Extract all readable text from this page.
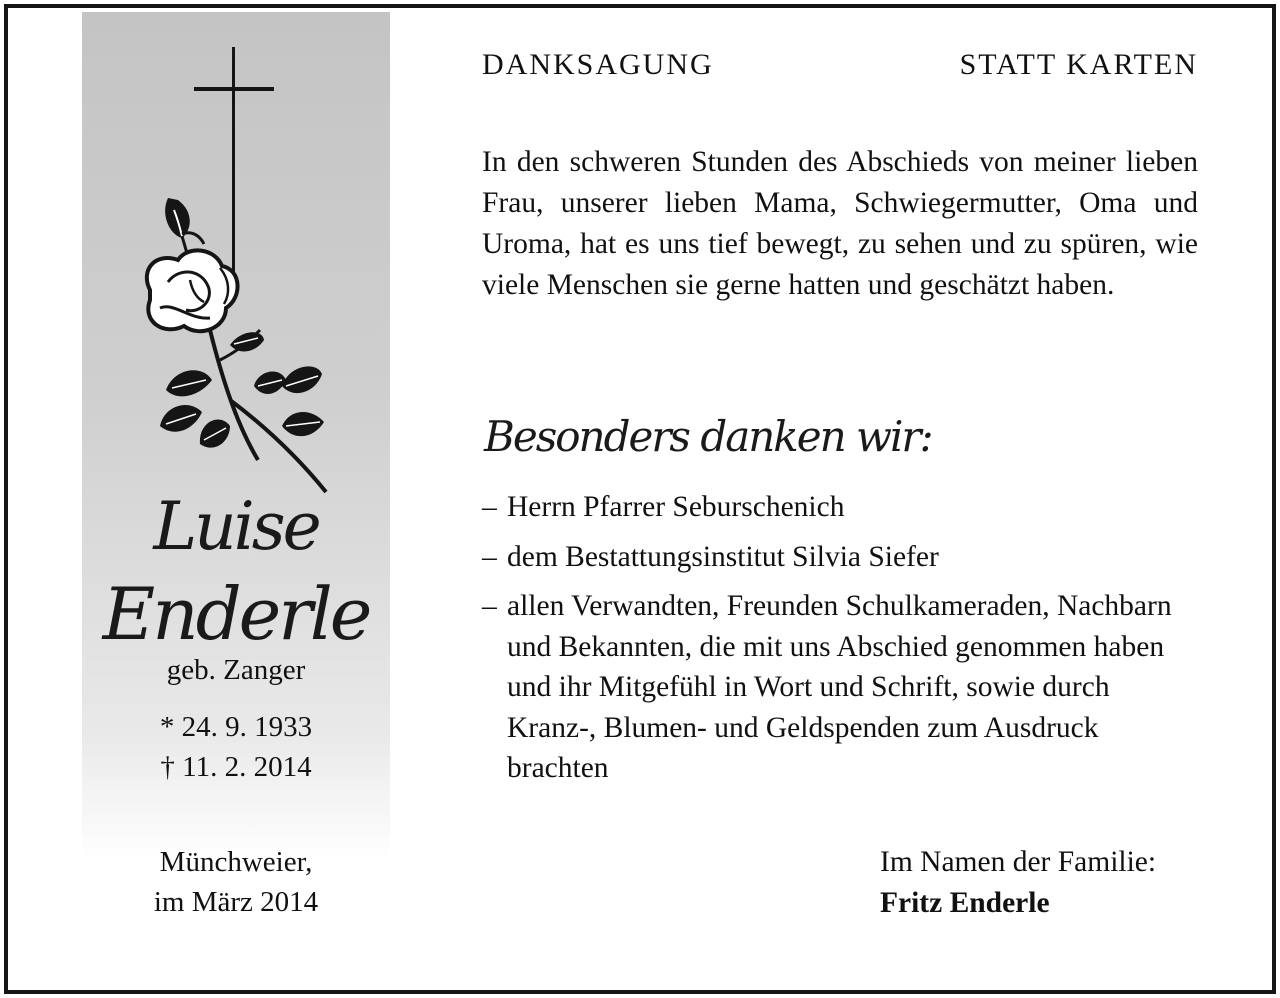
Luise
Enderle
geb. Zanger
* 24. 9. 1933
† 11. 2. 2014
Münchweier,
im März 2014
DANKSAGUNG	STATT KARTEN
In den schweren Stunden des Abschieds von meiner lieben Frau, unserer lieben Mama, Schwiegermutter, Oma und Uroma, hat es uns tief bewegt, zu sehen und zu spüren, wie viele Menschen sie gerne hatten und geschätzt haben.
Besonders danken wir:
– Herrn Pfarrer Seburschenich
– dem Bestattungsinstitut Silvia Siefer
– allen Verwandten, Freunden Schulkameraden, Nachbarn und Bekannten, die mit uns Abschied genommen haben und ihr Mitgefühl in Wort und Schrift, sowie durch Kranz-, Blumen- und Geldspenden zum Ausdruck brachten
Im Namen der Familie:
Fritz Enderle
